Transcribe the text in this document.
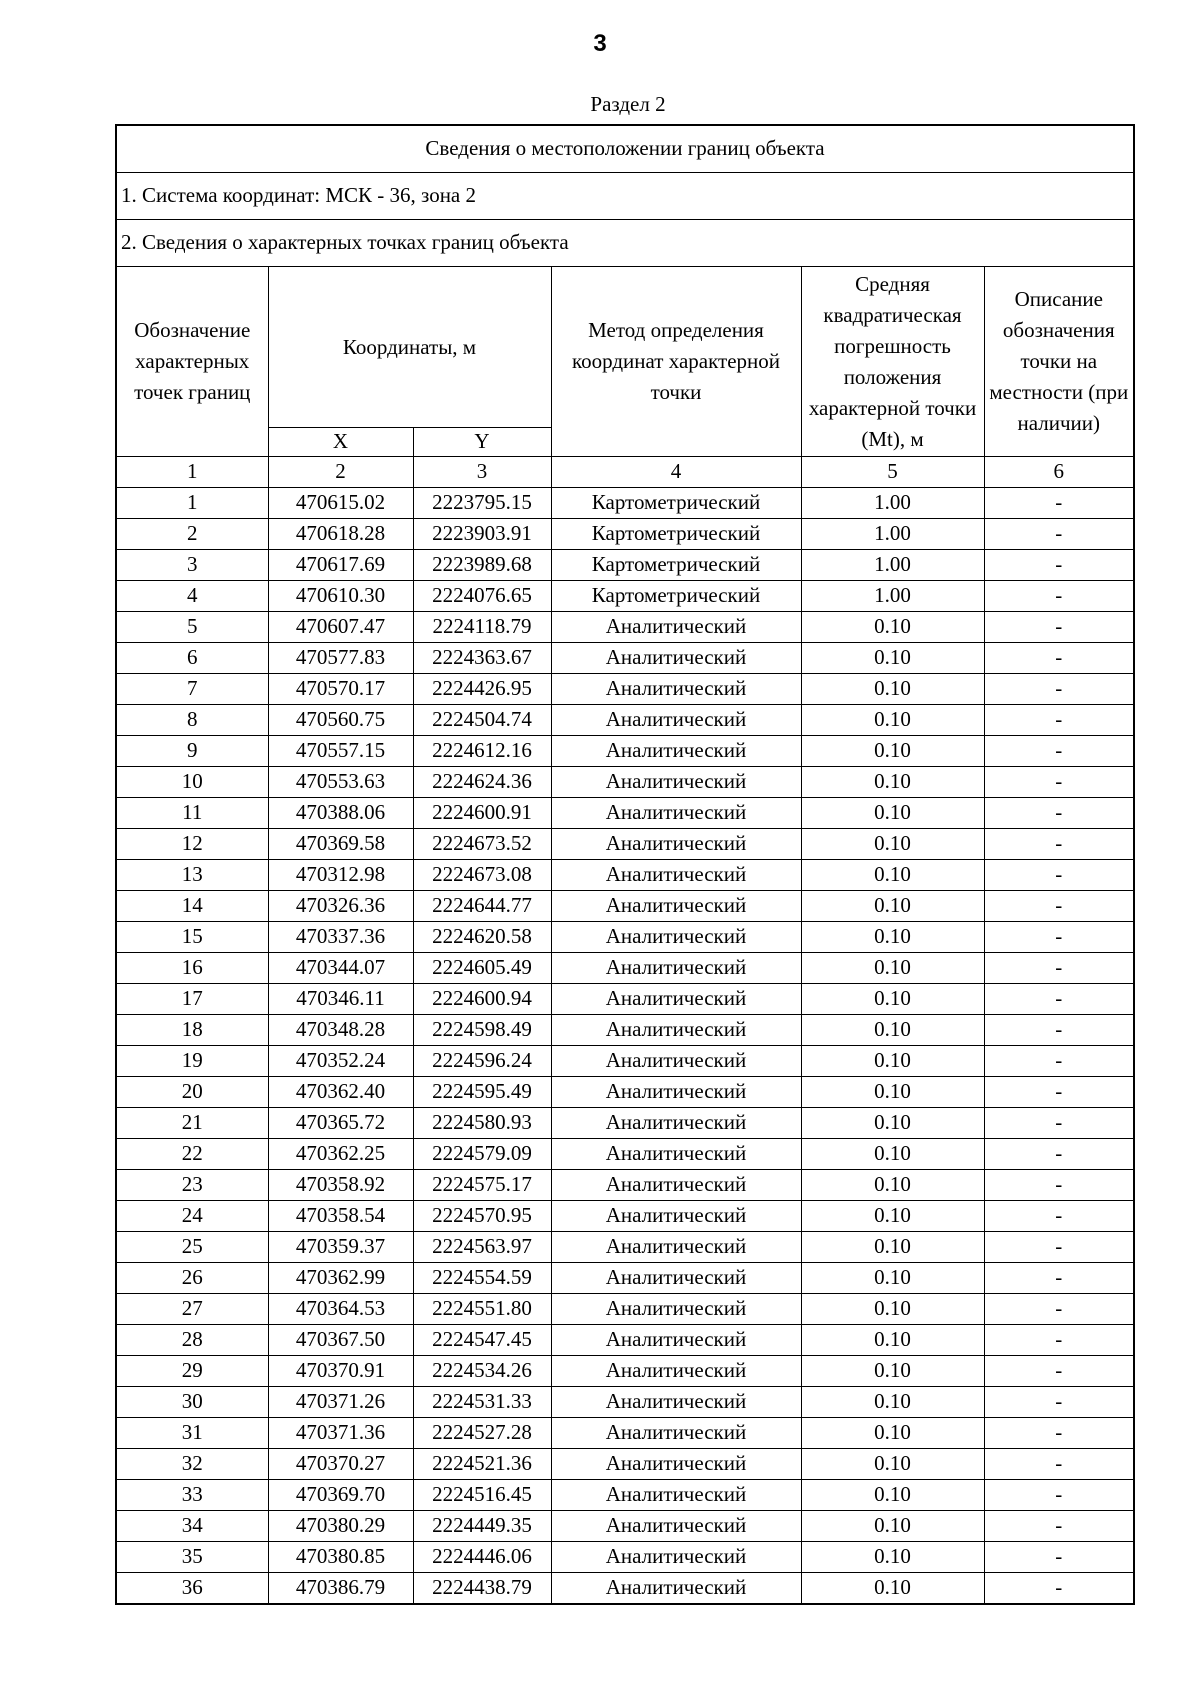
3
Раздел 2
Сведения о местоположении границ объекта					
1. Система координат: МСК - 36, зона 2					
2. Сведения о характерных точках границ объекта					
Обозначение характерных точек границ	Координаты, м		Метод определения координат характерной точки	Средняя квадратическая погрешность положения характерной точки (Mt), м	Описание обозначения точки на местности (при наличии)
	X	Y			
1	2	3	4	5	6
1	470615.02	2223795.15	Картометрический	1.00	-
2	470618.28	2223903.91	Картометрический	1.00	-
3	470617.69	2223989.68	Картометрический	1.00	-
4	470610.30	2224076.65	Картометрический	1.00	-
5	470607.47	2224118.79	Аналитический	0.10	-
6	470577.83	2224363.67	Аналитический	0.10	-
7	470570.17	2224426.95	Аналитический	0.10	-
8	470560.75	2224504.74	Аналитический	0.10	-
9	470557.15	2224612.16	Аналитический	0.10	-
10	470553.63	2224624.36	Аналитический	0.10	-
11	470388.06	2224600.91	Аналитический	0.10	-
12	470369.58	2224673.52	Аналитический	0.10	-
13	470312.98	2224673.08	Аналитический	0.10	-
14	470326.36	2224644.77	Аналитический	0.10	-
15	470337.36	2224620.58	Аналитический	0.10	-
16	470344.07	2224605.49	Аналитический	0.10	-
17	470346.11	2224600.94	Аналитический	0.10	-
18	470348.28	2224598.49	Аналитический	0.10	-
19	470352.24	2224596.24	Аналитический	0.10	-
20	470362.40	2224595.49	Аналитический	0.10	-
21	470365.72	2224580.93	Аналитический	0.10	-
22	470362.25	2224579.09	Аналитический	0.10	-
23	470358.92	2224575.17	Аналитический	0.10	-
24	470358.54	2224570.95	Аналитический	0.10	-
25	470359.37	2224563.97	Аналитический	0.10	-
26	470362.99	2224554.59	Аналитический	0.10	-
27	470364.53	2224551.80	Аналитический	0.10	-
28	470367.50	2224547.45	Аналитический	0.10	-
29	470370.91	2224534.26	Аналитический	0.10	-
30	470371.26	2224531.33	Аналитический	0.10	-
31	470371.36	2224527.28	Аналитический	0.10	-
32	470370.27	2224521.36	Аналитический	0.10	-
33	470369.70	2224516.45	Аналитический	0.10	-
34	470380.29	2224449.35	Аналитический	0.10	-
35	470380.85	2224446.06	Аналитический	0.10	-
36	470386.79	2224438.79	Аналитический	0.10	-
